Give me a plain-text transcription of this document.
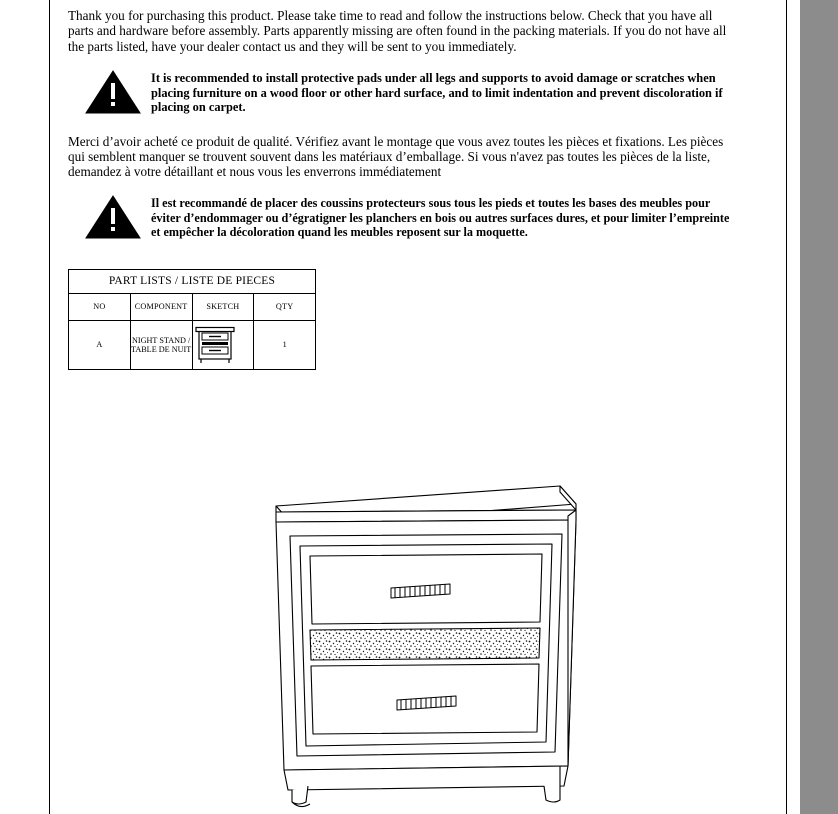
Thank you for purchasing this product. Please take time to read and follow the instructions below. Check that you have all parts and hardware before assembly. Parts apparently missing are often found in the packing materials. If you do not have all the parts listed, have your dealer contact us and they will be sent to you immediately.

It is recommended to install protective pads under all legs and supports to avoid damage or scratches when placing furniture on a wood floor or other hard surface, and to limit indentation and prevent discoloration if placing on carpet.

Merci d’avoir acheté ce produit de qualité. Vérifiez avant le montage que vous avez toutes les pièces et fixations. Les pièces qui semblent manquer se trouvent souvent dans les matériaux d’emballage. Si vous n'avez pas toutes les pièces de la liste, demandez à votre détaillant et nous vous les enverrons immédiatement

Il est recommandé de placer des coussins protecteurs sous tous les pieds et toutes les bases des meubles pour éviter d’endommager ou d’égratigner les planchers en bois ou autres surfaces dures, et pour limiter l’empreinte et empêcher la décoloration quand les meubles reposent sur la moquette.
PART LISTS / LISTE DE PIECES			
NO	COMPONENT	SKETCH	QTY
A	NIGHT STAND / TABLE DE NUIT		1
